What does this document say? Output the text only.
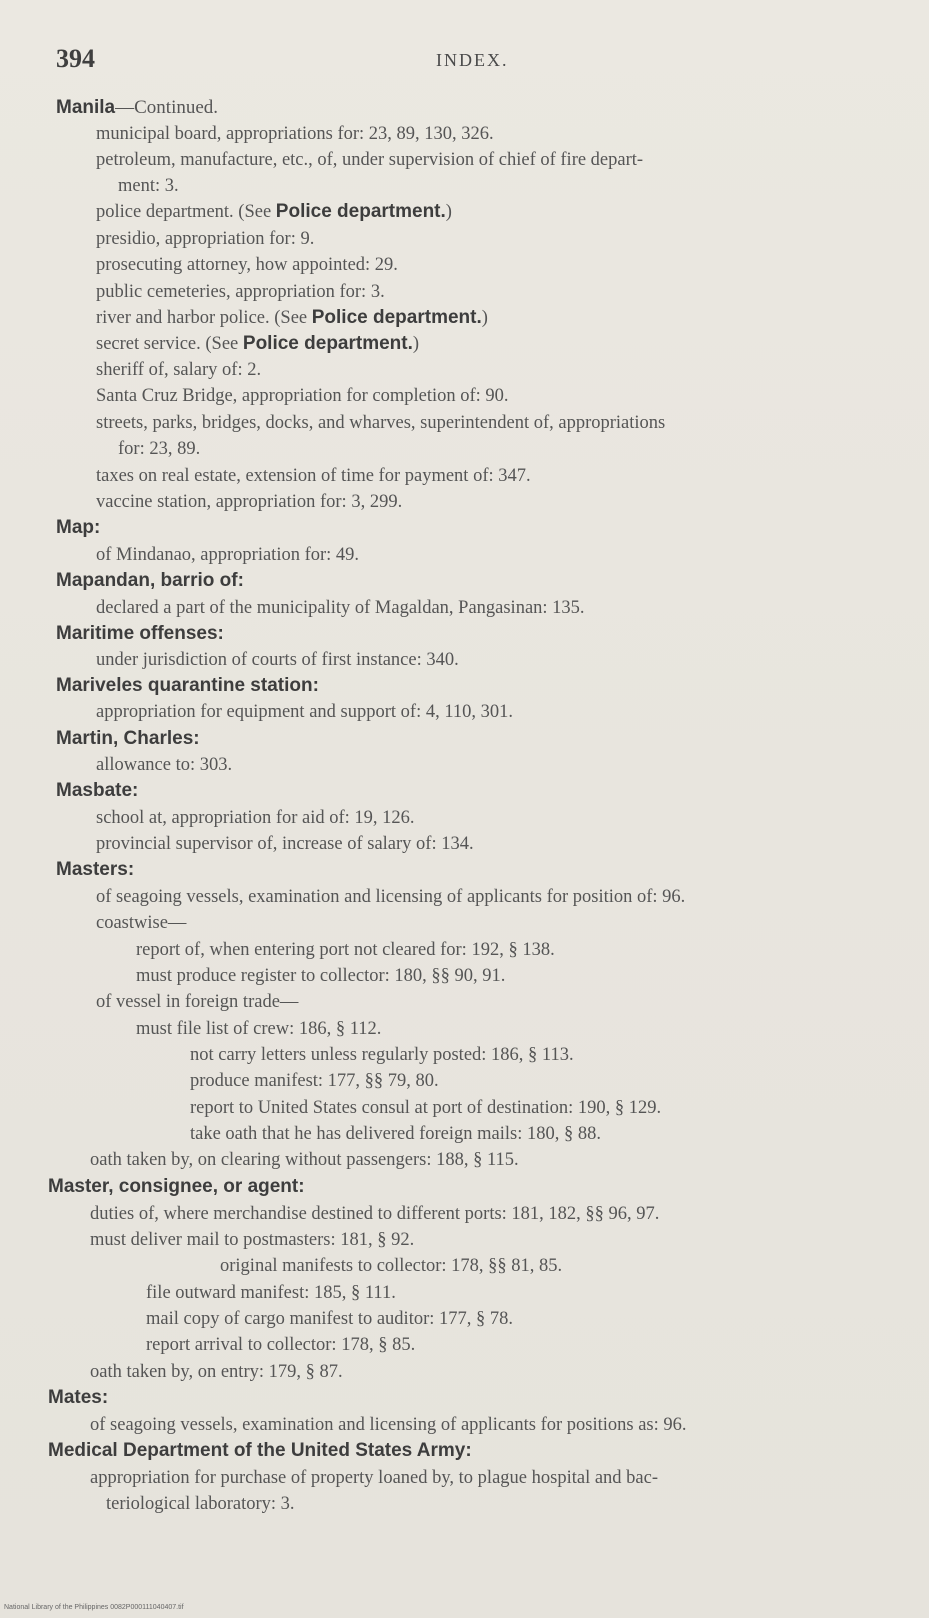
394	INDEX.
Manila—Continued.
municipal board, appropriations for: 23, 89, 130, 326.
petroleum, manufacture, etc., of, under supervision of chief of fire depart-
ment: 3.
police department. (See Police department.)
presidio, appropriation for: 9.
prosecuting attorney, how appointed: 29.
public cemeteries, appropriation for: 3.
river and harbor police. (See Police department.)
secret service. (See Police department.)
sheriff of, salary of: 2.
Santa Cruz Bridge, appropriation for completion of: 90.
streets, parks, bridges, docks, and wharves, superintendent of, appropriations
for: 23, 89.
taxes on real estate, extension of time for payment of: 347.
vaccine station, appropriation for: 3, 299.
Map:
of Mindanao, appropriation for: 49.
Mapandan, barrio of:
declared a part of the municipality of Magaldan, Pangasinan: 135.
Maritime offenses:
under jurisdiction of courts of first instance: 340.
Mariveles quarantine station:
appropriation for equipment and support of: 4, 110, 301.
Martin, Charles:
allowance to: 303.
Masbate:
school at, appropriation for aid of: 19, 126.
provincial supervisor of, increase of salary of: 134.
Masters:
of seagoing vessels, examination and licensing of applicants for position of: 96.
coastwise—
report of, when entering port not cleared for: 192, § 138.
must produce register to collector: 180, §§ 90, 91.
of vessel in foreign trade—
must file list of crew: 186, § 112.
not carry letters unless regularly posted: 186, § 113.
produce manifest: 177, §§ 79, 80.
report to United States consul at port of destination: 190, § 129.
take oath that he has delivered foreign mails: 180, § 88.
oath taken by, on clearing without passengers: 188, § 115.
Master, consignee, or agent:
duties of, where merchandise destined to different ports: 181, 182, §§ 96, 97.
must deliver mail to postmasters: 181, § 92.
original manifests to collector: 178, §§ 81, 85.
file outward manifest: 185, § 111.
mail copy of cargo manifest to auditor: 177, § 78.
report arrival to collector: 178, § 85.
oath taken by, on entry: 179, § 87.
Mates:
of seagoing vessels, examination and licensing of applicants for positions as: 96.
Medical Department of the United States Army:
appropriation for purchase of property loaned by, to plague hospital and bac-
teriological laboratory: 3.
National Library of the Philippines 0082P000111040407.tif
